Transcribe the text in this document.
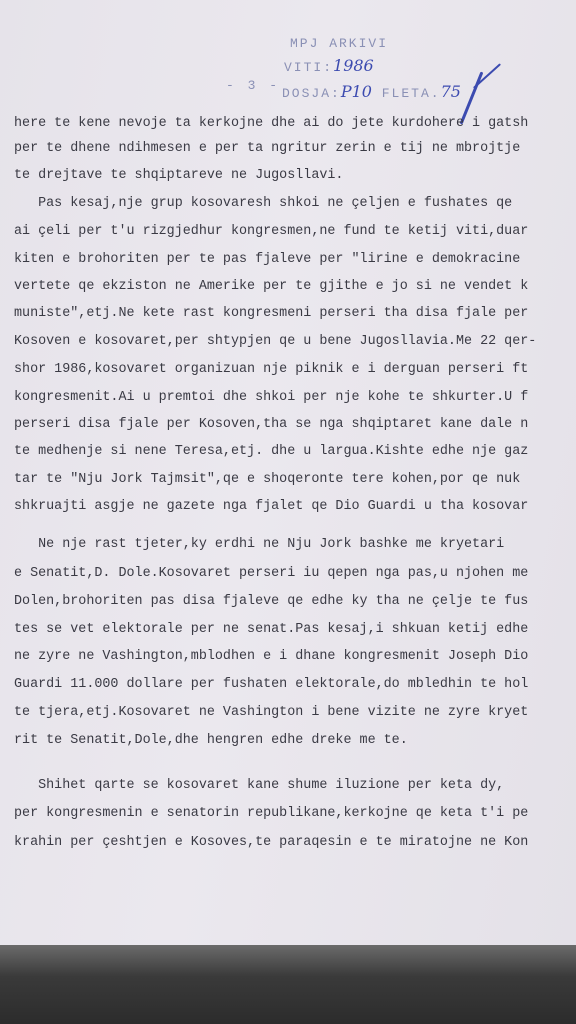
MPJ ARKIVI
VITI:1986
DOSJA:P10 FLETA.75
- 3 -

here te kene nevoje ta kerkojne dhe ai do jete kurdohere i gatsh

per te dhene ndihmesen e per ta ngritur zerin e tij ne mbrojtje

te drejtave te shqiptareve ne Jugosllavi.

Pas kesaj,nje grup kosovaresh shkoi ne çeljen e fushates qe

ai çeli per t'u rizgjedhur kongresmen,ne fund te ketij viti,duar

kiten e brohoriten per te pas fjaleve per "lirine e demokracine

vertete qe ekziston ne Amerike per te gjithe e jo si ne vendet k

muniste",etj.Ne kete rast kongresmeni perseri tha disa fjale per

Kosoven e kosovaret,per shtypjen qe u bene Jugosllavia.Me 22 qer-

shor 1986,kosovaret organizuan nje piknik e i derguan perseri ft

kongresmenit.Ai u premtoi dhe shkoi per nje kohe te shkurter.U f

perseri disa fjale per Kosoven,tha se nga shqiptaret kane dale n

te medhenje si nene Teresa,etj. dhe u largua.Kishte edhe nje gaz

tar te "Nju Jork Tajmsit",qe e shoqeronte tere kohen,por qe nuk

shkruajti asgje ne gazete nga fjalet qe Dio Guardi u tha kosovar

Ne nje rast tjeter,ky erdhi ne Nju Jork bashke me kryetari

e Senatit,D. Dole.Kosovaret perseri iu qepen nga pas,u njohen me

Dolen,brohoriten pas disa fjaleve qe edhe ky tha ne çelje te fus

tes se vet elektorale per ne senat.Pas kesaj,i shkuan ketij edhe

ne zyre ne Vashington,mblodhen e i dhane kongresmenit Joseph Dio

Guardi 11.000 dollare per fushaten elektorale,do mbledhin te hol

te tjera,etj.Kosovaret ne Vashington i bene vizite ne zyre kryet

rit te Senatit,Dole,dhe hengren edhe dreke me te.

Shihet qarte se kosovaret kane shume iluzione per keta dy,

per kongresmenin e senatorin republikane,kerkojne qe keta t'i pe

krahin per çeshtjen e Kosoves,te paraqesin e te miratojne ne Kon
